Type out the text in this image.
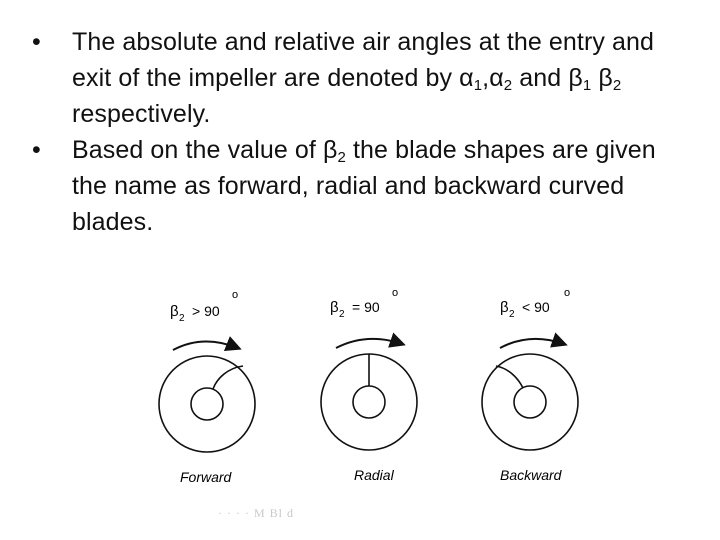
•	The absolute and relative air angles at the entry and exit of the impeller are denoted by $\alpha_1,\alpha_2$ and $\beta_1$ $\beta_2$ respectively.
•	Based on the value of $\beta_2$ the blade shapes are given the name as forward, radial and backward curved blades.
β 2 > 90
o
Forward
β 2 = 90
o
Radial
β 2 < 90
o
Backward
· · · · M Bl d
